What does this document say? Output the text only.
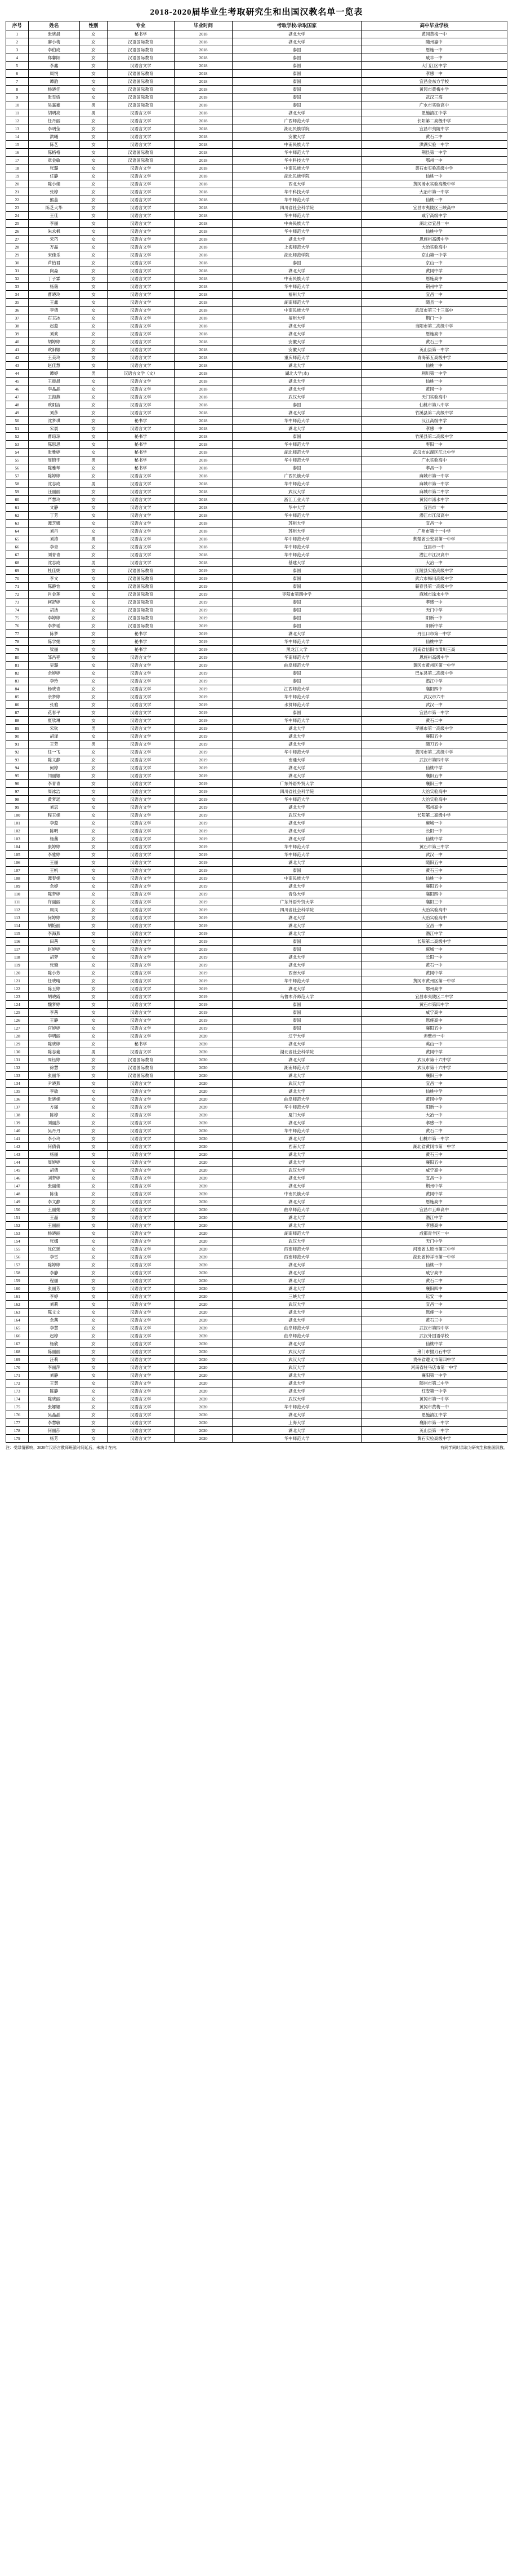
2018-2020届毕业生考取研究生和出国汉教名单一览表
序号	姓名	性别	专业	毕业时间	考取学校/录取国家	高中毕业学校
1	张晓晨	女	秘书学	2018	湖北大学	黄冈黄梅一中
2	廖小梅	女	汉语国际教育	2018	湖北大学	随州嘉中
3	李伯成	女	汉语国际教育	2018	泰国	恩施一中
4	郑馨阳	女	汉语国际教育	2018	泰国	咸丰一中
5	李鑫	女	汉语言文学	2018	泰国	大门江区中学
6	周悦	女	汉语国际教育	2018	泰国	孝感一中
7	谭韵	女	汉语国际教育	2018	泰国	宜昌金东方学校
8	杨晓佳	女	汉语国际教育	2018	泰国	黄冈市黄梅中学
9	张雪娇	女	汉语国际教育	2018	泰国	武汉三高
10	吴嘉豪	男	汉语国际教育	2018	泰国	广水市实验高中
11	胡明亮	男	汉语言文学	2018	湖北大学	恩施清江中学
12	任丹丽	女	汉语言文学	2018	广西师范大学	长阳第二高级中学
13	李明莹	女	汉语言文学	2018	湖北民族学院	宜昌市夷陵中学
14	洪曦	女	汉语言文学	2018	安徽大学	黄石二中
15	陈艺	女	汉语言文学	2018	中南民族大学	洪湖实验一中学
16	陈格格	女	汉语国际教育	2018	华中师范大学	荆县第一中学
17	章金敏	女	汉语国际教育	2018	华中科技大学	鄂州一中
18	张璐	女	汉语言文学	2018	中南民族大学	黄石市实验高级中学
19	任静	女	汉语言文学	2018	湖北民族学院	仙桃一中
20	陈小娟	女	汉语言文学	2018	西北大学	黄冈浠水实验高级中学
21	张婷	女	汉语言文学	2018	华中科技大学	大冶市第一中学
22	熊蕊	女	汉语言文学	2018	华中师范大学	仙桃一中
23	陈芝大华	女	汉语言文学	2018	四川省社会科学院	宜昌市夷陵区三峡高中
24	王佳	女	汉语言文学	2018	华中师范大学	咸宁高级中学
25	李丽	女	汉语言文学	2018	中央民族大学	湖北省宜昌一中
26	朱永枫	女	汉语言文学	2018	华中师范大学	仙桃中学
27	宋巧	女	汉语言文学	2018	湖北大学	恩施州高级中学
28	万晶	女	汉语言文学	2018	上海师范大学	大冶实验高中
29	宋佳乐	女	汉语言文学	2018	湖北师范学院	京山第一中学
30	芦怡君	女	汉语言文学	2018	泰国	京山一中
31	向淼	女	汉语言文学	2018	湖北大学	黄冈中学
32	丁子霖	女	汉语言文学	2018	中南民族大学	恩施高中
33	杨薇	女	汉语言文学	2018	华中师范大学	荆州中学
34	曹晓玲	女	汉语言文学	2018	福州大学	宜昌一中
35	王鑫	女	汉语言文学	2018	湖南师范大学	随县一中
36	李倩	女	汉语言文学	2018	中南民族大学	武汉市第三十三高中
37	石玉冰	女	汉语言文学	2018	福州大学	荆门一中
38	赵蕊	女	汉语言文学	2018	湖北大学	当阳市第二高级中学
39	刘欢	女	汉语言文学	2018	湖北大学	恩施高中
40	胡婷婷	女	汉语言文学	2018	安徽大学	黄石三中
41	欧阳娜	女	汉语言文学	2018	安徽大学	英山县第一中学
42	王美玲	女	汉语言文学	2018	重庆师范大学	青海第五高级中学
43	赵佳慧	女	汉语言文学	2018	湖北大学	仙桃一中
44	谭婷	男	汉语言文学（文）	2018	湖北大学(本)	利川第一中学
45	王晨晨	女	汉语言文学	2018	湖北大学	仙桃一中
46	李晶晶	女	汉语言文学	2018	湖北大学	黄冈一中
47	王海燕	女	汉语言文学	2018	武汉大学	天门实验高中
48	欧阳洁	女	汉语言文学	2018	泰国	仙桃市第八中学
49	刘莎	女	汉语言文学	2018	湖北大学	竹溪县第二高级中学
50	沈梦琪	女	秘书学	2018	华中师范大学	汉江高级中学
51	宋晨	女	汉语言文学	2018	湖北大学	孝感一中
52	曹琼琼	女	秘书学	2018	泰国	竹溪县第二高级中学
53	陈思思	女	秘书学	2018	华中师范大学	枣阳一中
54	张雅婷	女	秘书学	2018	湖北师范大学	武汉市东湖区江北中学
55	周锦宇	男	秘书学	2018	华中师范大学	广水实验高中
56	陈雅琴	女	秘书学	2018	泰国	孝昌一中
57	陈婷婷	女	汉语言文学	2018	广西民族大学	麻城市第一中学
58	沈志成	男	汉语言文学	2018	华中师范大学	麻城市第一中学
59	汪丽丽	女	汉语言文学	2018	武汉大学	麻城市第二中学
60	严慧玲	女	汉语言文学	2018	浙江工业大学	黄冈市浠水中学
61	文静	女	汉语言文学	2018	华中大学	宜昌市一中
62	丁芳	女	汉语言文学	2018	华中师范大学	潜江市江汉高中
63	谭芝娜	女	汉语言文学	2018	苏州大学	宜昌一中
64	刘丹	女	汉语言文学	2018	苏州大学	广州市第十一中学
65	刘涛	男	汉语言文学	2018	华中师范大学	荆楚省公安县第一中学
66	李青	女	汉语言文学	2018	华中师范大学	宜昌市一中
67	刘青青	女	汉语言文学	2018	华中师范大学	潜江市江汉高中
68	沈志成	男	汉语言文学	2018	基建大学	大冶一中
69	杜佳妮	女	汉语国际教育	2019	泰国	江陵县实验高级中学
70	李文	女	汉语国际教育	2019	泰国	武穴市梅川高级中学
71	陈静怡	女	汉语国际教育	2019	泰国	蕲春县第一高级中学
72	肖金莲	女	汉语国际教育	2019	枣阳市第四中学	麻城市涂水中学
73	柯舒婷	女	汉语国际教育	2019	泰国	孝感一中
74	胡洁	女	汉语国际教育	2019	泰国	天门中学
75	李婷婷	女	汉语国际教育	2019	泰国	阳新一中
76	李梦瑶	女	汉语国际教育	2019	泰国	阳新中学
77	陈梦	女	秘书学	2019	湖北大学	丹江口市第一中学
78	陈学娟	女	秘书学	2019	华中师范大学	仙桃中学
79	梁丽	女	秘书学	2019	黑龙江大学	河南省信阳市潢川三高
80	邹昌程	女	汉语言文学	2019	华南师范大学	恩施州高级中学
81	吴璐	女	汉语言文学	2019	曲阜师范大学	黄冈市黄州区第一中学
82	余婷婷	女	汉语言文学	2019	泰国	巴东县第二高级中学
83	李玲	女	汉语言文学	2019	泰国	潜江中学
84	杨晓青	女	汉语言文学	2019	江西师范大学	襄阳四中
85	余梦婷	女	汉语言文学	2019	华中师范大学	武汉市六中
86	张雅	女	汉语言文学	2019	水贫师范大学	武汉一中
87	花春平	女	汉语言文学	2019	泰国	宜昌市第一中学
88	夏欣琳	女	汉语言文学	2019	华中师范大学	黄石二中
89	宋钦	男	汉语言文学	2019	湖北大学	孝感市第一高级中学
90	胡泽	女	汉语言文学	2019	湖北大学	襄阳五中
91	王芳	男	汉语言文学	2019	湖北大学	随刀五中
92	任一飞	女	汉语言文学	2019	华中师范大学	黄冈市第二高级中学
93	陈文静	女	汉语言文学	2019	南通大学	武汉市第四中学
94	何婷	女	汉语言文学	2019	湖北大学	仙桃中学
95	闫丽娜	女	汉语言文学	2019	湖北大学	襄阳五中
96	李青青	女	汉语言文学	2019	广东外语外贸大学	襄阳三中
97	周冰洁	女	汉语言文学	2019	四川省社会科学院	大冶实验高中
98	黄梦瑶	女	汉语言文学	2019	华中师范大学	大冶实验高中
99	刘思	女	汉语言文学	2019	湖北大学	鄂州高中
100	程玉娟	女	汉语言文学	2019	武汉大学	长阳第二高级中学
101	李蕊	女	汉语言文学	2019	湖北大学	麻城一中
102	陈明	女	汉语言文学	2019	湖北大学	长阳一中
103	杨茜	女	汉语言文学	2019	湖北大学	仙桃中学
104	康婷婷	女	汉语言文学	2019	华中师范大学	黄石市第三中学
105	李雅婷	女	汉语言文学	2019	华中师范大学	武汉一中
106	王丽	女	汉语言文学	2019	湖北大学	随阳五中
107	王帆	女	汉语言文学	2019	泰国	黄石三中
108	谭春娟	女	汉语言文学	2019	中南民族大学	仙桃一中
109	余婷	女	汉语言文学	2019	湖北大学	襄阳五中
110	陈梦婷	女	汉语言文学	2019	青岛大学	襄阳四中
111	许丽丽	女	汉语言文学	2019	广东外语外贸大学	襄阳三中
112	周凤	女	汉语言文学	2019	四川省社会科学院	大冶实验高中
113	何婷婷	女	汉语言文学	2019	湖北大学	大冶实验高中
114	胡艳丽	女	汉语言文学	2019	湖北大学	宜昌一中
115	李海燕	女	汉语言文学	2019	湖北大学	潜江中学
116	田茜	女	汉语言文学	2019	泰国	长阳第二高级中学
117	赵婷婷	女	汉语言文学	2019	泰国	麻城一中
118	胡梦	女	汉语言文学	2019	湖北大学	长阳一中
119	张璇	女	汉语言文学	2019	湖北大学	黄石一中
120	陈小芳	女	汉语言文学	2019	西南大学	黄冈中学
121	任晓晴	女	汉语言文学	2019	华中师范大学	黄冈市黄州区第一中学
122	陈玉婷	女	汉语言文学	2019	湖北大学	鄂州高中
123	胡晓霞	女	汉语言文学	2019	乌鲁木齐师范大学	宜昌市夷陵区二中学
124	魏梦婷	女	汉语言文学	2019	泰国	黄石市第四中学
125	李茜	女	汉语言文学	2019	泰国	咸宁高中
126	王静	女	汉语言文学	2019	泰国	恩施高中
127	官婷婷	女	汉语言文学	2019	泰国	襄阳五中
128	李明丽	女	汉语言文学	2020	辽宁大学	赤壁市一中
129	陈晓婷	女	秘书学	2020	湖北大学	英山一中
130	陈志豪	男	汉语言文学	2020	湖北省社会科学院	黄冈中学
131	周钰婷	女	汉语国际教育	2020	湖北大学	武汉市第十六中学
132	徐慧	女	汉语国际教育	2020	湖南师范大学	武汉市第十六中学
133	张丽华	女	汉语国际教育	2020	湖北大学	襄阳三中
134	尹晓燕	女	汉语言文学	2020	武汉大学	宜昌一中
135	李敏	女	汉语言文学	2020	湖北大学	仙桃中学
136	张晓娟	女	汉语言文学	2020	曲阜师范大学	黄冈中学
137	方丽	女	汉语言文学	2020	华中师范大学	阳新一中
138	陈婷	女	汉语言文学	2020	厦门大学	大冶一中
139	刘丽莎	女	汉语言文学	2020	湖北大学	孝感一中
140	吴丹丹	女	汉语言文学	2020	华中师范大学	黄石二中
141	李小玲	女	汉语言文学	2020	湖北大学	仙桃市第一中学
142	何倩倩	女	汉语言文学	2020	西南大学	湖北省黄冈市第一中学
143	杨丽	女	汉语言文学	2020	湖北大学	黄石三中
144	周婷婷	女	汉语言文学	2020	湖北大学	襄阳五中
145	胡倩	女	汉语言文学	2020	武汉大学	咸宁高中
146	刘梦婷	女	汉语言文学	2020	湖北大学	宜昌一中
147	张丽娟	女	汉语言文学	2020	湖北大学	荆州中学
148	陈佳	女	汉语言文学	2020	中南民族大学	黄冈中学
149	李文静	女	汉语言文学	2020	湖北大学	恩施高中
150	王丽娟	女	汉语言文学	2020	曲阜师范大学	宜昌市五峰高中
151	王晶	女	汉语言文学	2020	湖北大学	潜江中学
152	王丽丽	女	汉语言文学	2020	湖北大学	孝感高中
153	杨晓丽	女	汉语言文学	2020	湖南师范大学	成都青羊区一中
154	张娜	女	汉语言文学	2020	武汉大学	天门中学
155	沈亿瑶	女	汉语言文学	2020	西南师范大学	河南省太原市第三中学
156	李雪	女	汉语言文学	2020	西南师范大学	湖北省钟祥市第一中学
157	陈婷婷	女	汉语言文学	2020	湖北大学	仙桃一中
158	李静	女	汉语言文学	2020	湖北大学	咸宁高中
159	程丽	女	汉语言文学	2020	湖北大学	黄石二中
160	张丽芳	女	汉语言文学	2020	湖北大学	襄阳四中
161	李婷	女	汉语言文学	2020	三峡大学	远安一中
162	刘莉	女	汉语言文学	2020	武汉大学	宜昌一中
163	陈文文	女	汉语言文学	2020	湖北大学	恩施一中
164	余茜	女	汉语言文学	2020	湖北大学	黄石三中
165	李慧	女	汉语言文学	2020	曲阜师范大学	武汉市第四中学
166	赵婷	女	汉语言文学	2020	曲阜师范大学	武汉外国语学校
167	杨欣	女	汉语言文学	2020	湖北大学	仙桃中学
168	陈丽丽	女	汉语言文学	2020	武汉大学	荆门市掇刀石中学
169	汪莉	女	汉语言文学	2020	武汉大学	贵州省遵义市第四中学
170	李丽萍	女	汉语言文学	2020	武汉大学	河南省驻马店市第一中学
171	刘静	女	汉语言文学	2020	湖北大学	襄阳第一中学
172	王慧	女	汉语言文学	2020	湖北大学	随州市第二中学
173	陈静	女	汉语言文学	2020	湖北大学	红安第一中学
174	陈晓丽	女	汉语言文学	2020	武汉大学	黄冈市第一中学
175	张娜娜	女	汉语言文学	2020	华中师范大学	黄冈市黄梅一中
176	吴晶晶	女	汉语言文学	2020	湖北大学	恩施清江中学
177	李慧敏	女	汉语言文学	2020	上海大学	襄阳市第一中学
178	何丽莎	女	汉语言文学	2020	湖北大学	英山县第一中学
179	杨芳	女	汉语言文学	2020	华中师范大学	黄石实验高级中学
注：受绿情影响，2020年汉语言教师班派时间延后，未统计在内；	有同学同时录取为研究生和出国汉教。
